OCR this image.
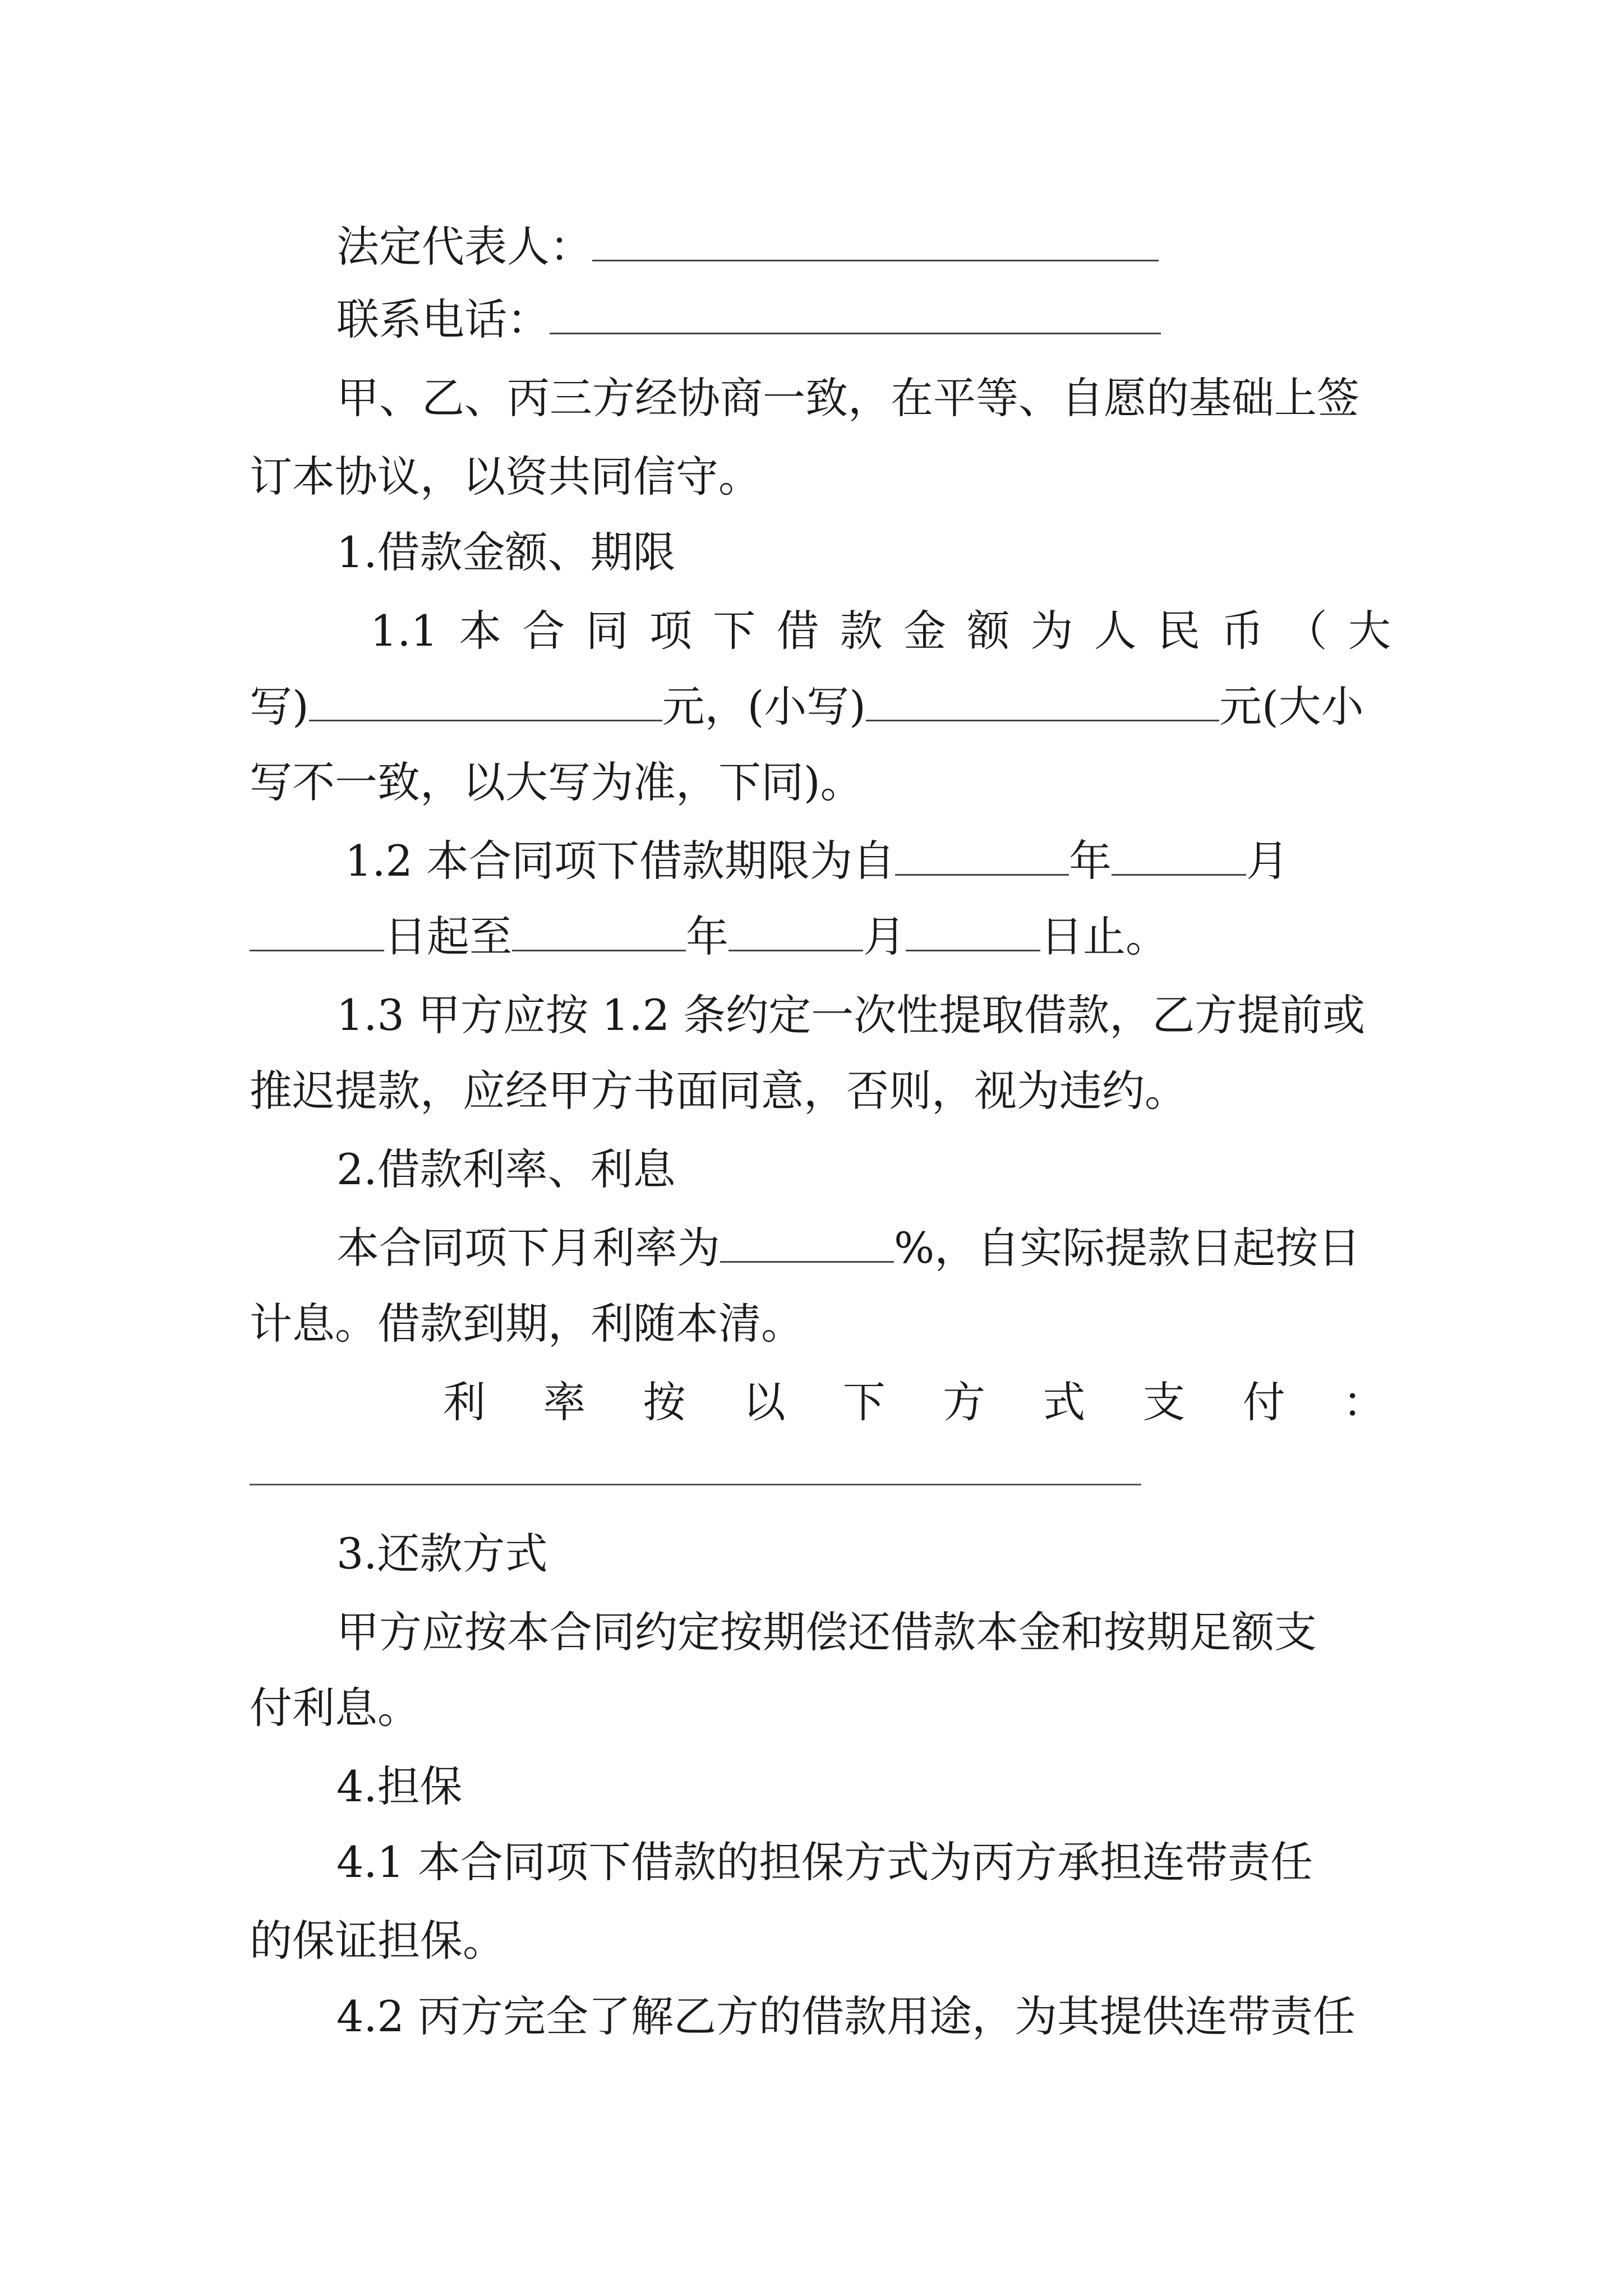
法定代表人：
联系电话：
甲、乙、丙三方经协商一致，在平等、自愿的基础上签
订本协议，以资共同信守。
1.借款金额、期限
1.1 本 合 同 项 下 借 款 金 额 为 人 民 币 （ 大
写)	元，(小写)	元(大小
写不一致，以大写为准，下同)。
1.2 本合同项下借款期限为自	年	月
日起至	年	月	日止。
1.3 甲方应按 1.2 条约定一次性提取借款，乙方提前或
推迟提款，应经甲方书面同意，否则，视为违约。
2.借款利率、利息
本合同项下月利率为	%，自实际提款日起按日
计息。借款到期，利随本清。
利 率 按 以 下 方 式 支 付 ：
3.还款方式
甲方应按本合同约定按期偿还借款本金和按期足额支
付利息。
4.担保
4.1 本合同项下借款的担保方式为丙方承担连带责任
的保证担保。
4.2 丙方完全了解乙方的借款用途，为其提供连带责任
